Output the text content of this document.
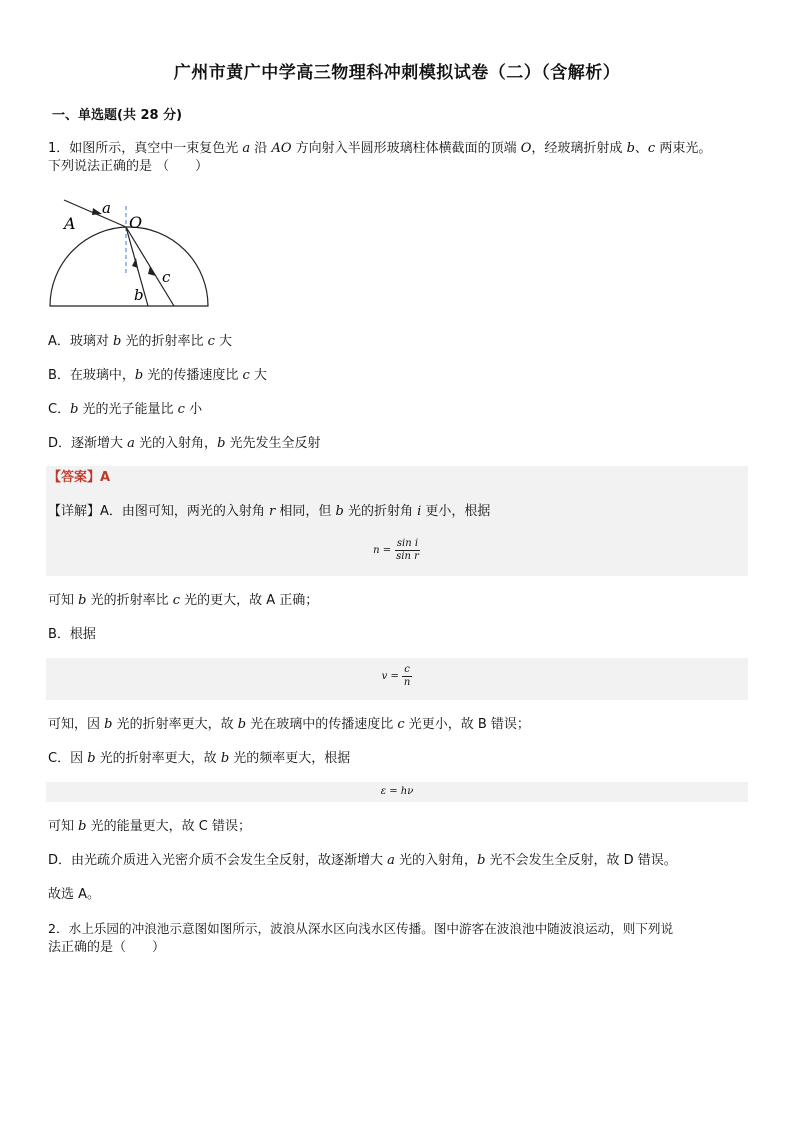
广州市黄广中学高三物理科冲刺模拟试卷（二）（含解析）
一、单选题(共 28 分)
1．如图所示，真空中一束复色光 a 沿 AO 方向射入半圆形玻璃柱体横截面的顶端 O，经玻璃折射成 b、c 两束光。
下列说法正确的是 （　　）
A
a
O
b
c
A．玻璃对 b 光的折射率比 c 大
B．在玻璃中，b 光的传播速度比 c 大
C．b 光的光子能量比 c 小
D．逐渐增大 a 光的入射角，b 光先发生全反射
【答案】A
【详解】A．由图可知，两光的入射角 r 相同，但 b 光的折射角 i 更小，根据
$n = \frac{\text{sin i}}{\text{sin r}}$
可知 b 光的折射率比 c 光的更大，故 A 正确；
B．根据
$v = \frac{c}{n}$
可知，因 b 光的折射率更大，故 b 光在玻璃中的传播速度比 c 光更小，故 B 错误；
C．因 b 光的折射率更大，故 b 光的频率更大，根据
ε = hν
可知 b 光的能量更大，故 C 错误；
D．由光疏介质进入光密介质不会发生全反射，故逐渐增大 a 光的入射角，b 光不会发生全反射，故 D 错误。
故选 A。
2．水上乐园的冲浪池示意图如图所示，波浪从深水区向浅水区传播。图中游客在波浪池中随波浪运动，则下列说
法正确的是（　　）
